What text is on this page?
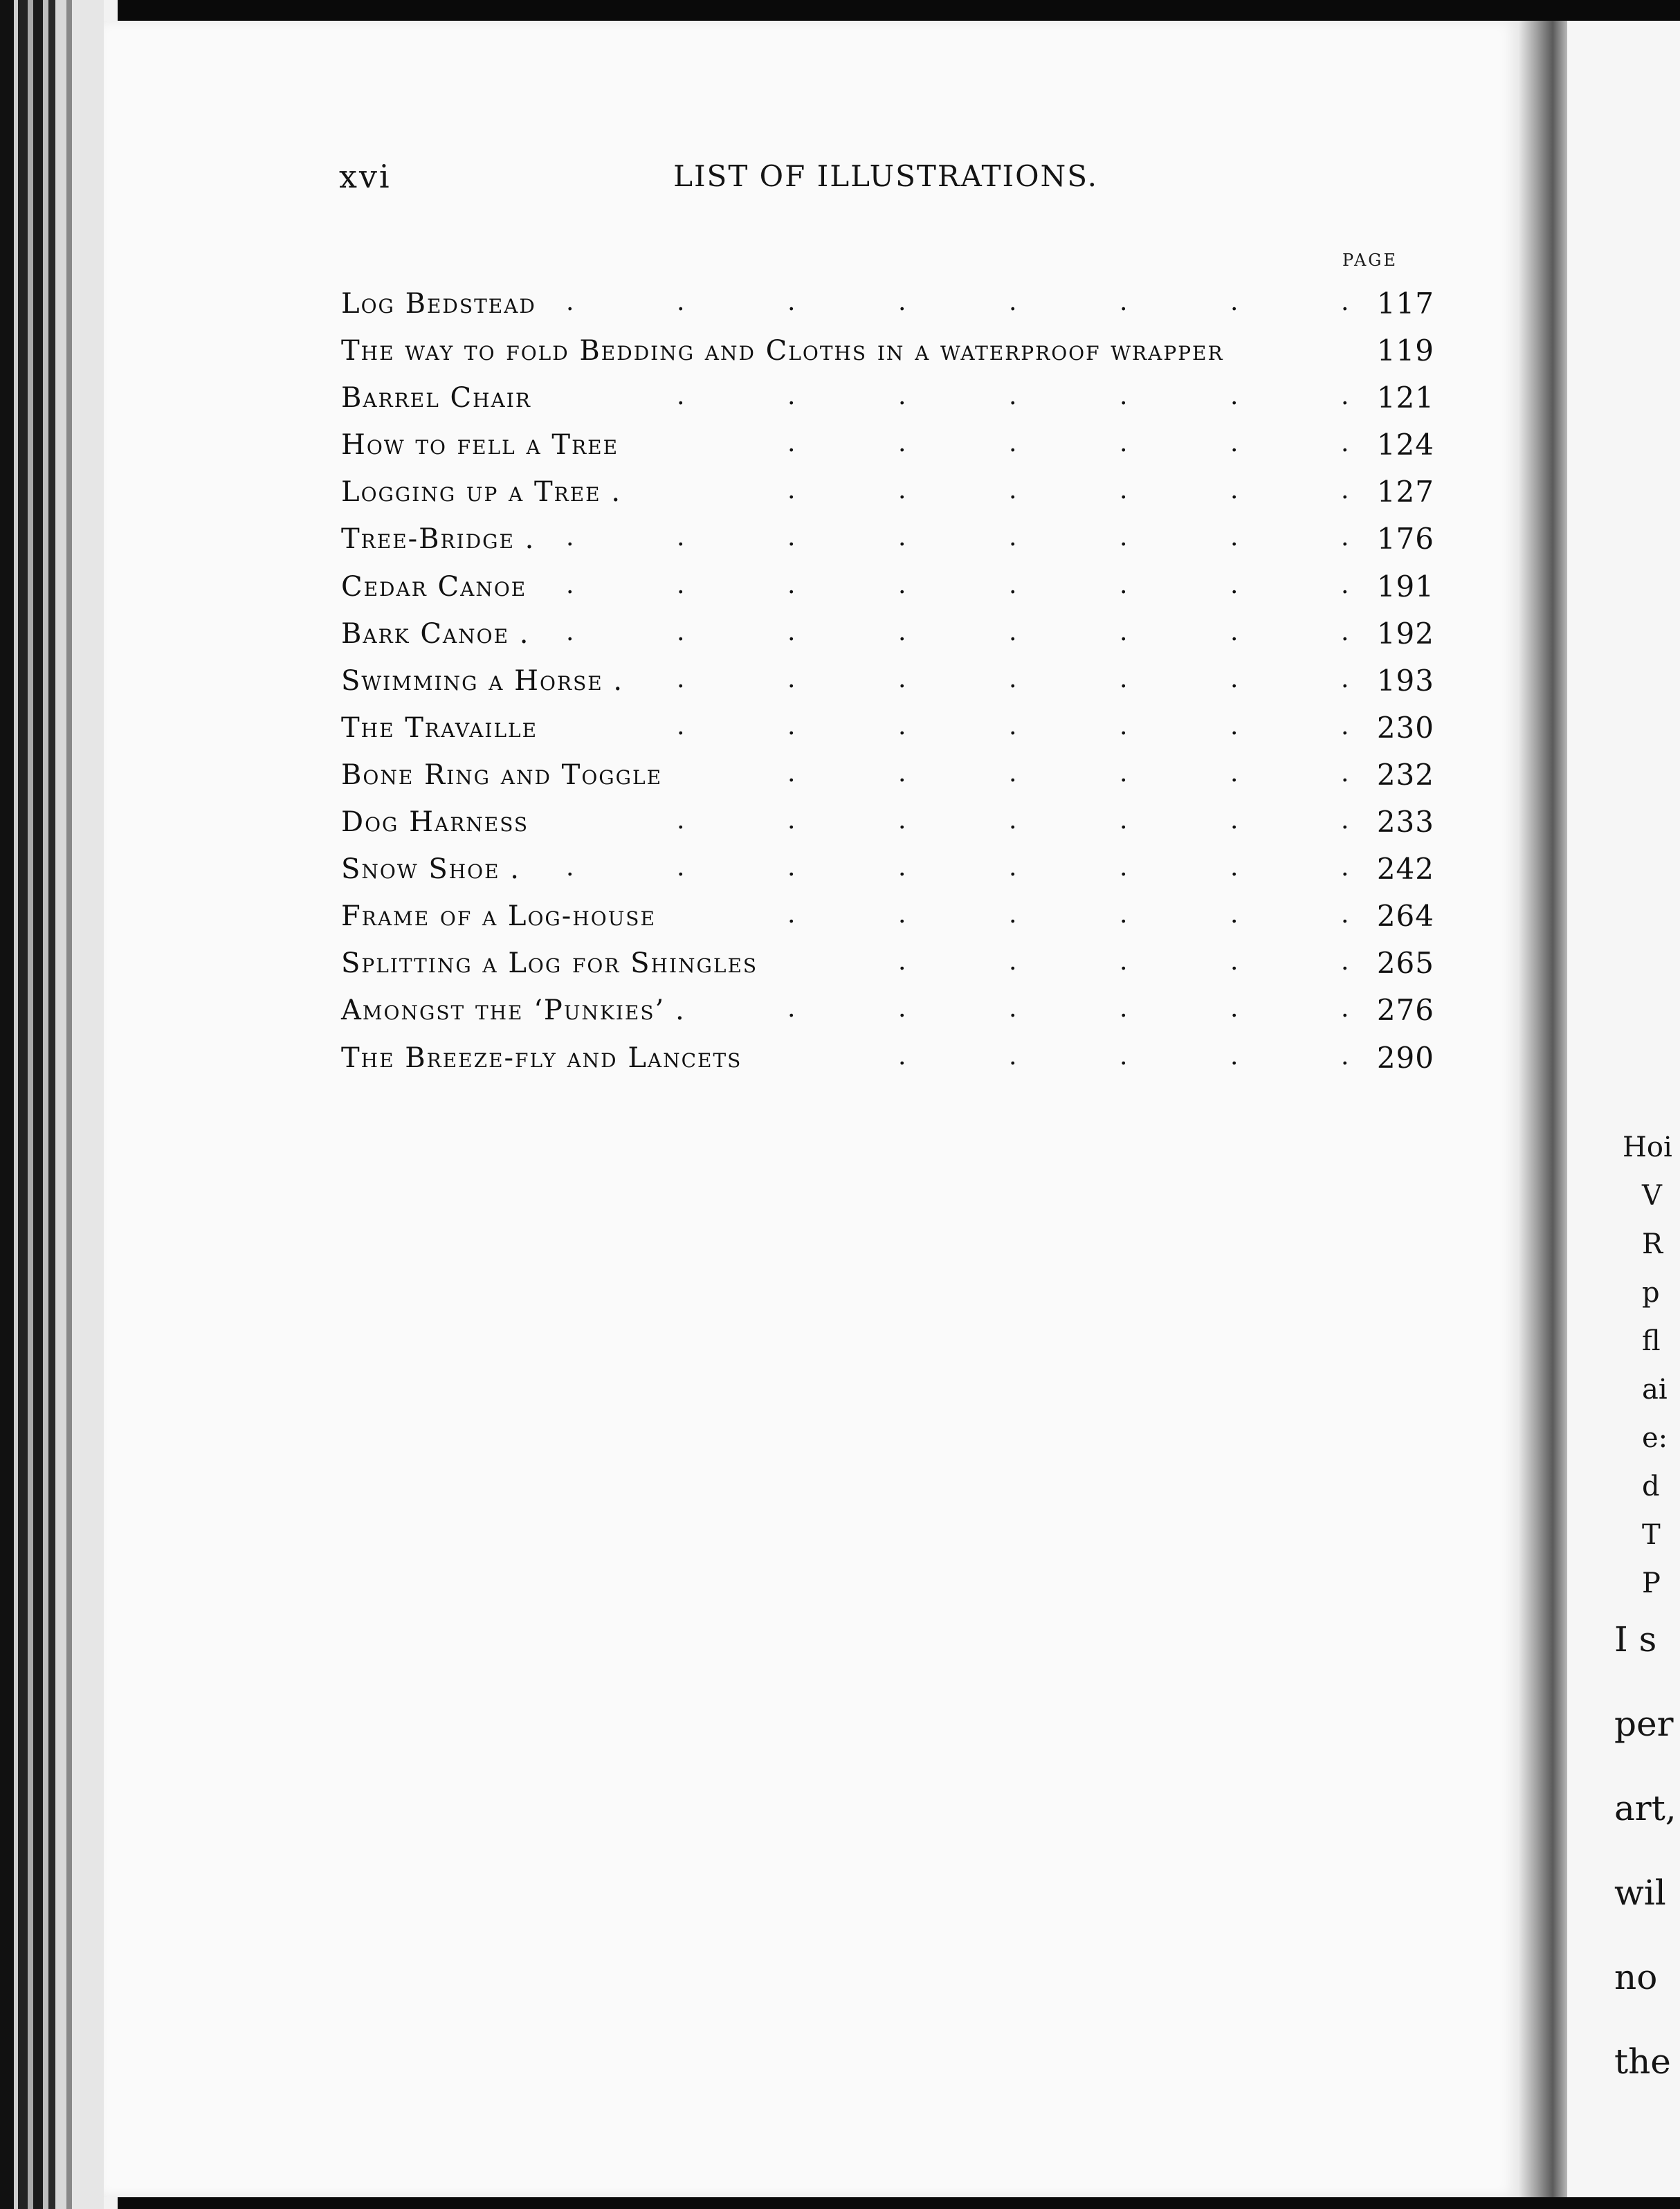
xvi	LIST OF ILLUSTRATIONS.
PAGE
Log Bedstead .	.	.	.	.	.	.	. 117
The way to fold Bedding and Cloths in a waterproof wrapper	119
Barrel Chair	.	.	.	.	.	.	. 121
How to fell a Tree	.	.	.	.	.	. 124
Logging up a Tree .	.	.	.	.	.	. 127
Tree-Bridge . .	.	.	.	.	.	.	. 176
Cedar Canoe .	.	.	.	.	.	.	. 191
Bark Canoe . .	.	.	.	.	.	.	. 192
Swimming a Horse . .	.	.	.	.	.	. 193
The Travaille	.	.	.	.	.	.	. 230
Bone Ring and Toggle	.	.	.	.	.	. 232
Dog Harness	.	.	.	.	.	.	. 233
Snow Shoe . .	.	.	.	.	.	.	. 242
Frame of a Log-house	.	.	.	.	.	. 264
Splitting a Log for Shingles	.	.	.	.	. 265
Amongst the ‘Punkies’ .	.	.	.	.	.	. 276
The Breeze-fly and Lancets	.	.	.	.	. 290
Hoi
V
R
p
fl
ai
e:
d
T
P
I s
per
art,
wil
no
the
